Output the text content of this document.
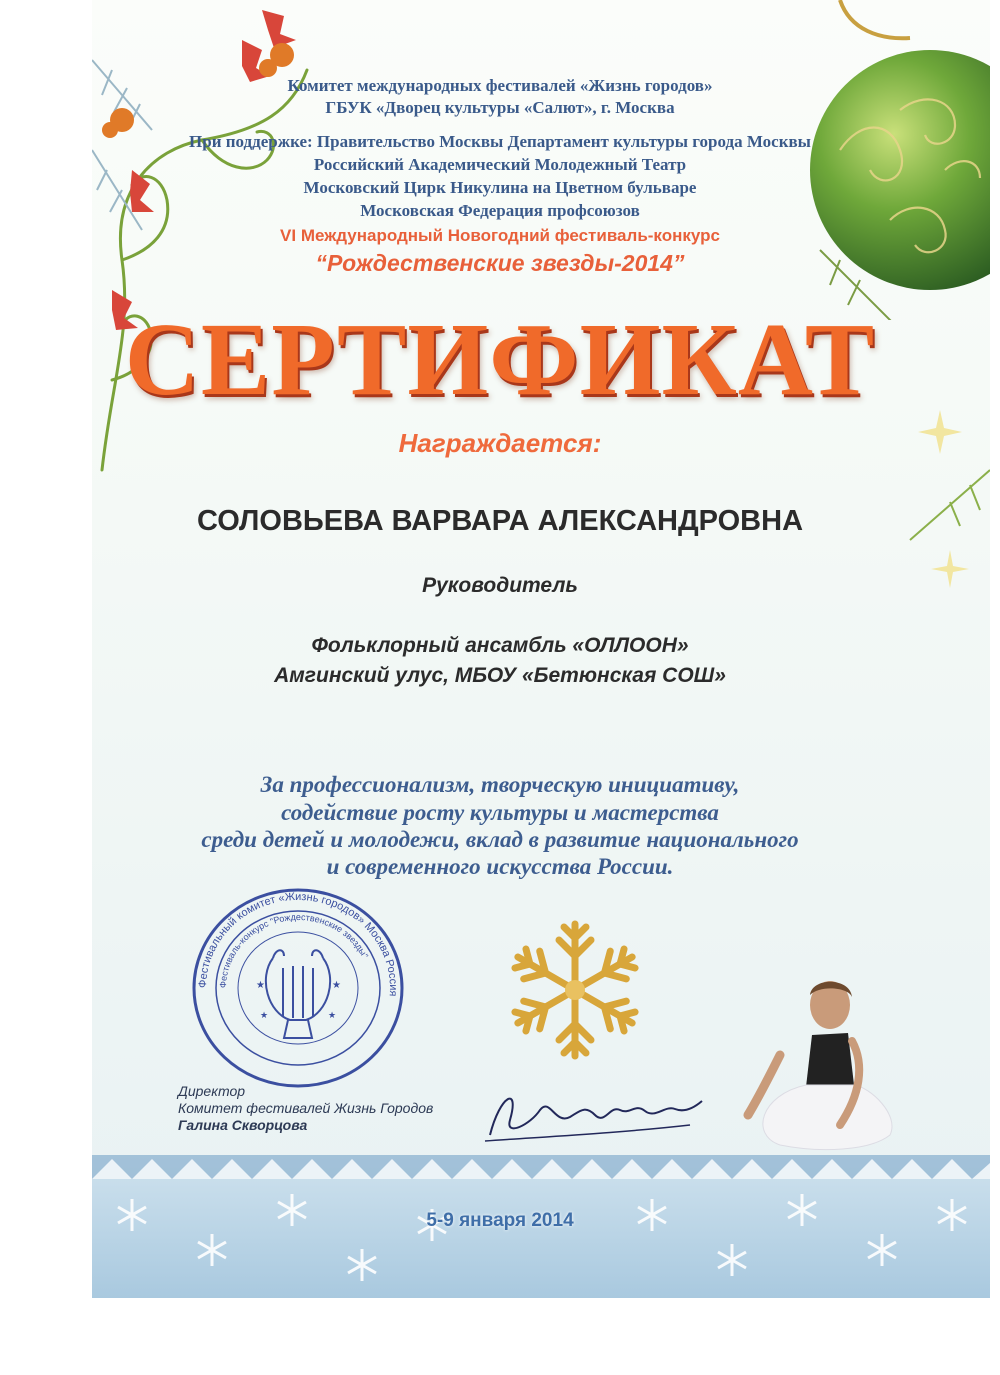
Комитет международных фестивалей «Жизнь городов»
ГБУК «Дворец культуры «Салют», г. Москва
При поддержке: Правительство Москвы Департамент культуры города Москвы
Российский Академический Молодежный Театр
Московский Цирк Никулина на Цветном бульваре
Московская Федерация профсоюзов
VI Международный Новогодний фестиваль-конкурс
“Рождественские звезды-2014”
СЕРТИФИКАТ
Награждается:
СОЛОВЬЕВА ВАРВАРА АЛЕКСАНДРОВНА
Руководитель
Фольклорный ансамбль «ОЛЛООН»
Амгинский улус, МБОУ «Бетюнская СОШ»
За профессионализм, творческую инициативу,
содействие росту культуры и мастерства
среди детей и молодежи, вклад в развитие национального
и современного искусства России.
Фестивальный комитет «Жизнь городов» Москва Россия
Фестиваль-конкурс "Рождественские звезды"
★	★
★	★
Директор
Комитет фестивалей Жизнь Городов
Галина Скворцова
Скворцова
5-9 января 2014
